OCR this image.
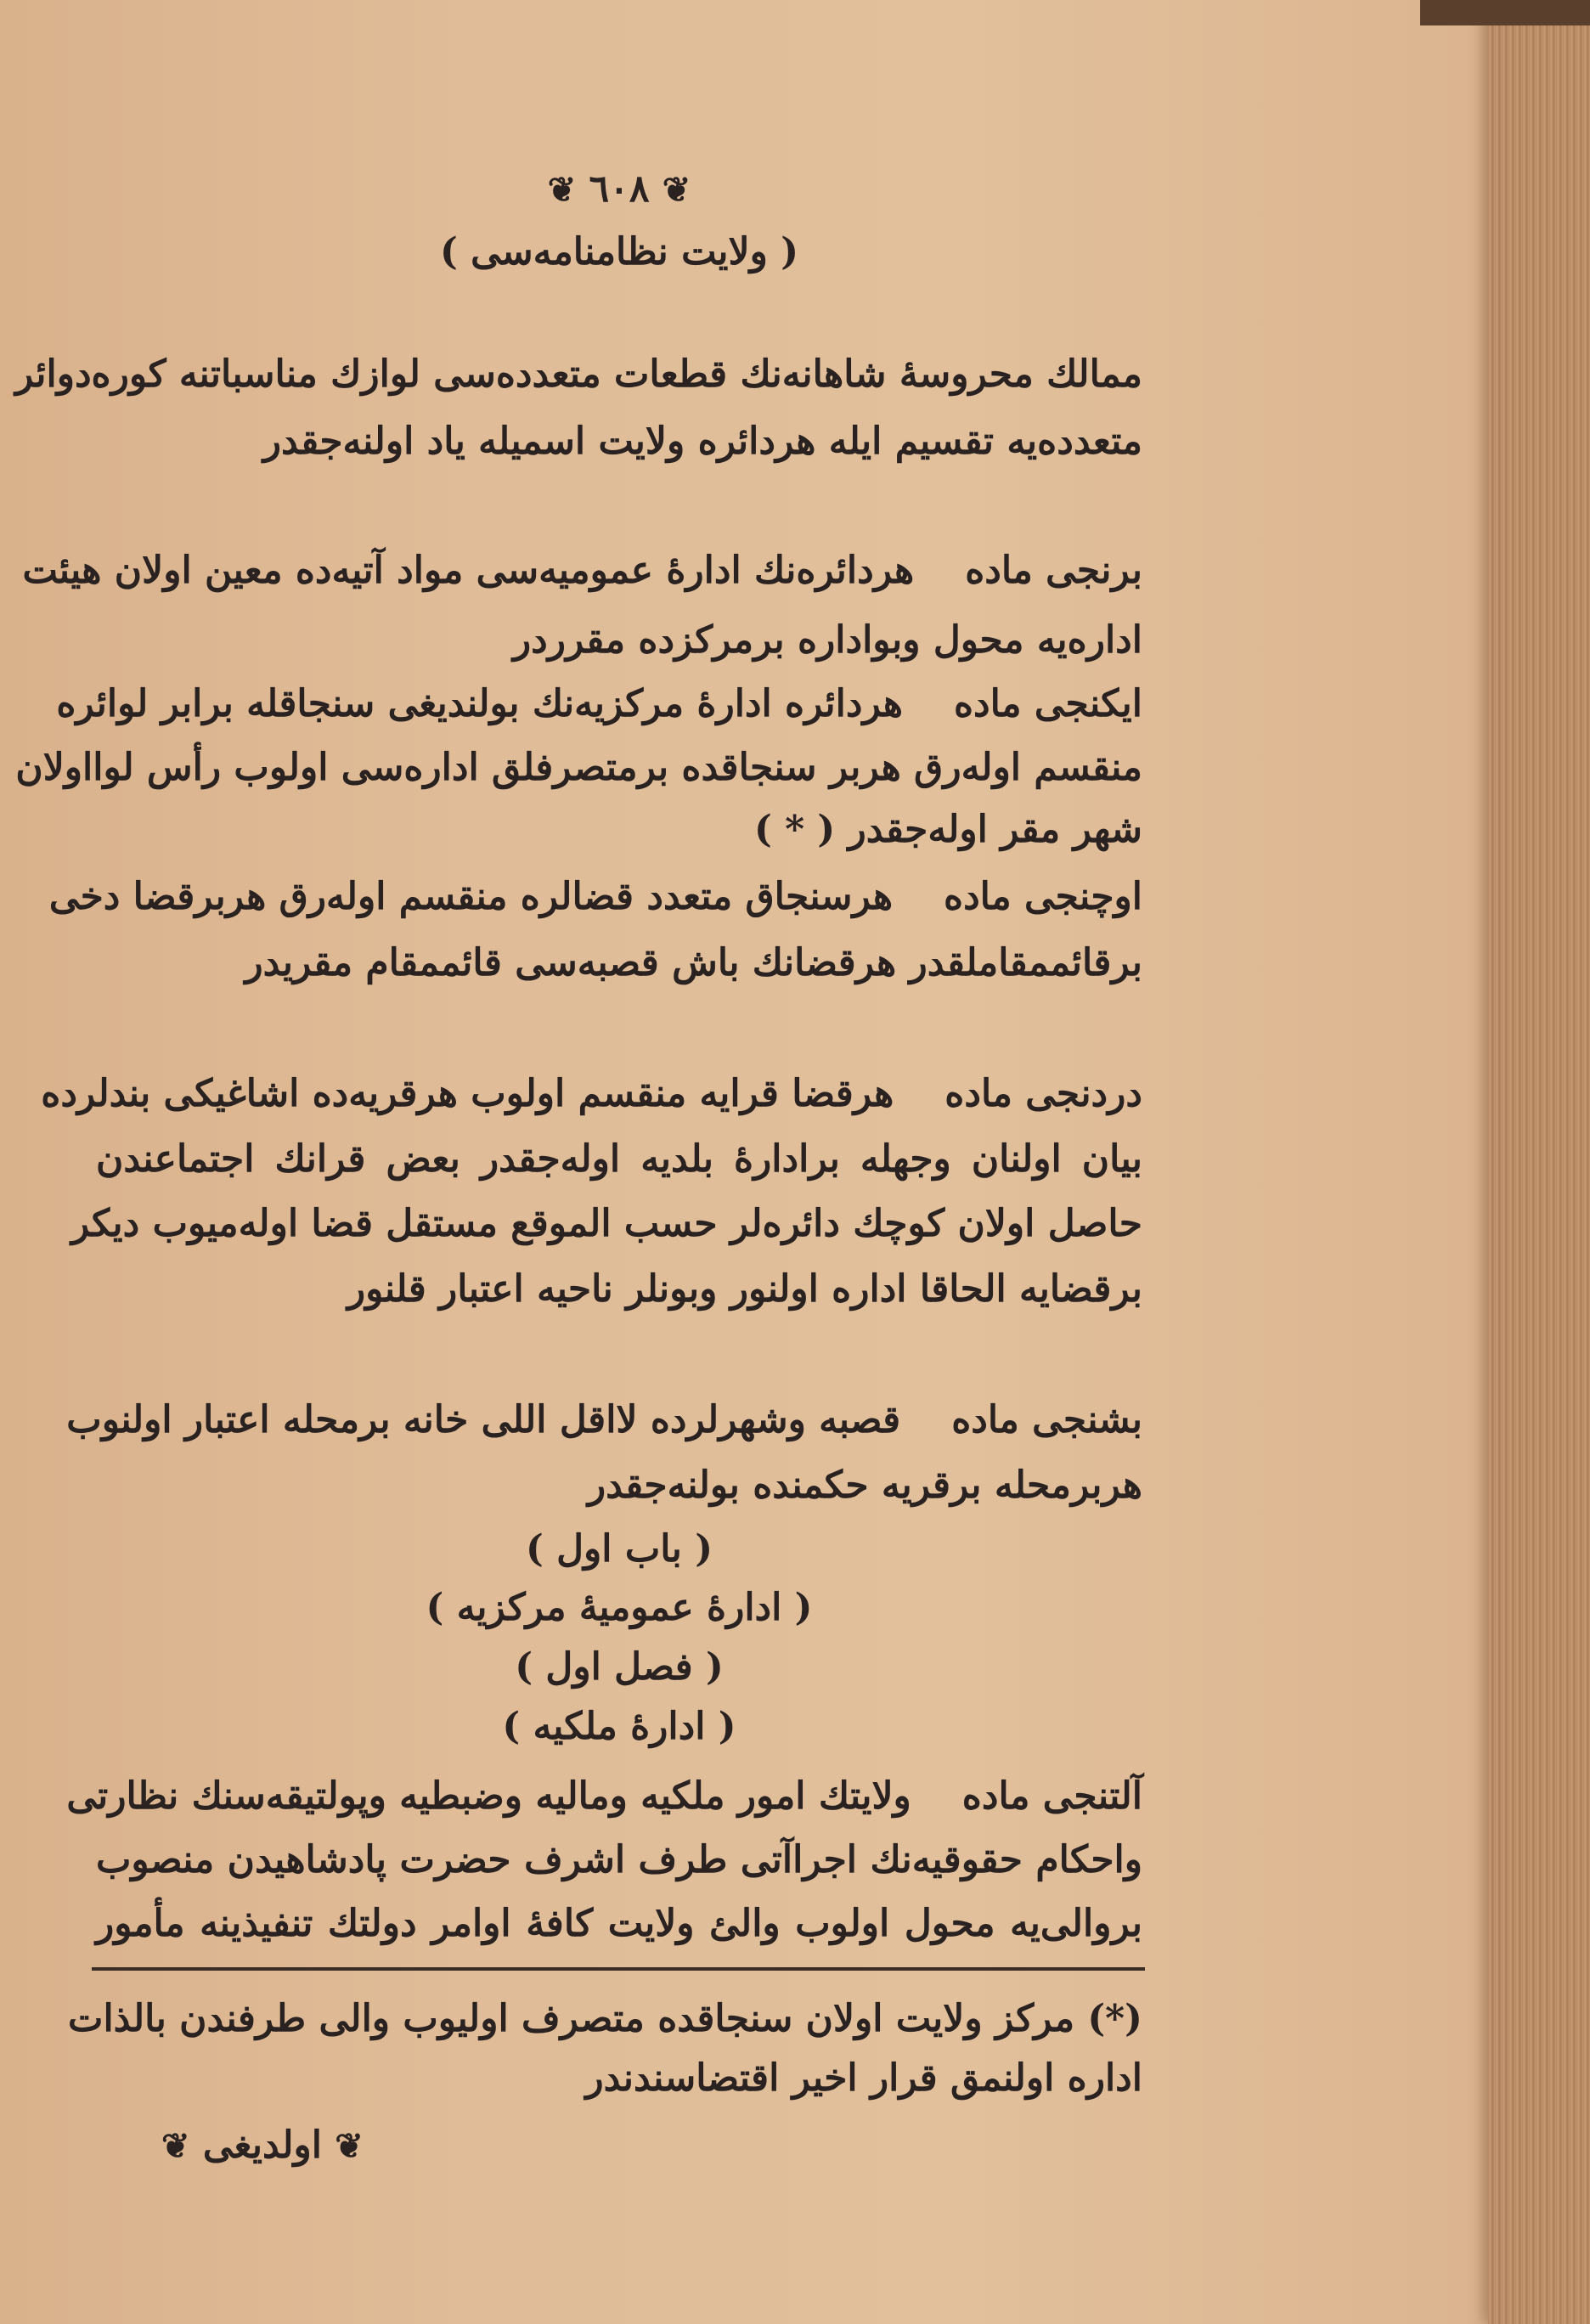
❦ ٦٠٨ ❦
( ولايت نظامنامه‌سی )
ممالك محروسهٔ شاهانه‌نك قطعات متعدده‌سی لوازك مناسباتنه كوره‌دوائر
متعدده‌یه تقسیم ایله هردائره ولایت اسمیله یاد اولنه‌جقدر
برنجی مادههردائره‌نك ادارهٔ عمومیه‌سی مواد آتیه‌ده معین اولان هیئت
اداره‌یه محول وبواداره برمركزده مقرردر
ایكنجی مادههردائره ادارهٔ مركزیه‌نك بولندیغی سنجاقله برابر لوائره
منقسم اوله‌رق هربر سنجاقده برمتصرفلق اداره‌سی اولوب رأس لوااولان
شهر مقر اوله‌جقدر ( * )
اوچنجی مادههرسنجاق متعدد قضالره منقسم اوله‌رق هربرقضا دخی
برقائممقاملقدر هرقضانك باش قصبه‌سی قائممقام مقریدر
دردنجی مادههرقضا قرایه منقسم اولوب هرقریه‌ده اشاغیكی بندلرده
بیان اولنان وجهله برادارهٔ بلدیه اوله‌جقدر بعض قرانك اجتماعندن
حاصل اولان كوچك دائره‌لر حسب الموقع مستقل قضا اوله‌میوب دیكر
برقضایه الحاقا اداره اولنور وبونلر ناحیه اعتبار قلنور
بشنجی مادهقصبه وشهرلرده لااقل اللی خانه برمحله اعتبار اولنوب
هربرمحله برقریه حكمنده بولنه‌جقدر
( باب اول )
( ادارهٔ عمومیهٔ مركزیه )
( فصل اول )
( ادارهٔ ملكیه )
آلتنجی مادهولایتك امور ملكیه ومالیه وضبطیه وپولتیقه‌سنك نظارتی
واحكام حقوقیه‌نك اجراآتی طرف اشرف حضرت پادشاهیدن منصوب
بروالی‌یه محول اولوب والئ ولایت كافهٔ اوامر دولتك تنفیذینه مأمور
(*) مركز ولایت اولان سنجاقده متصرف اولیوب والی طرفندن بالذات
اداره اولنمق قرار اخیر اقتضاسندندر
❦ اولدیغی ❦
